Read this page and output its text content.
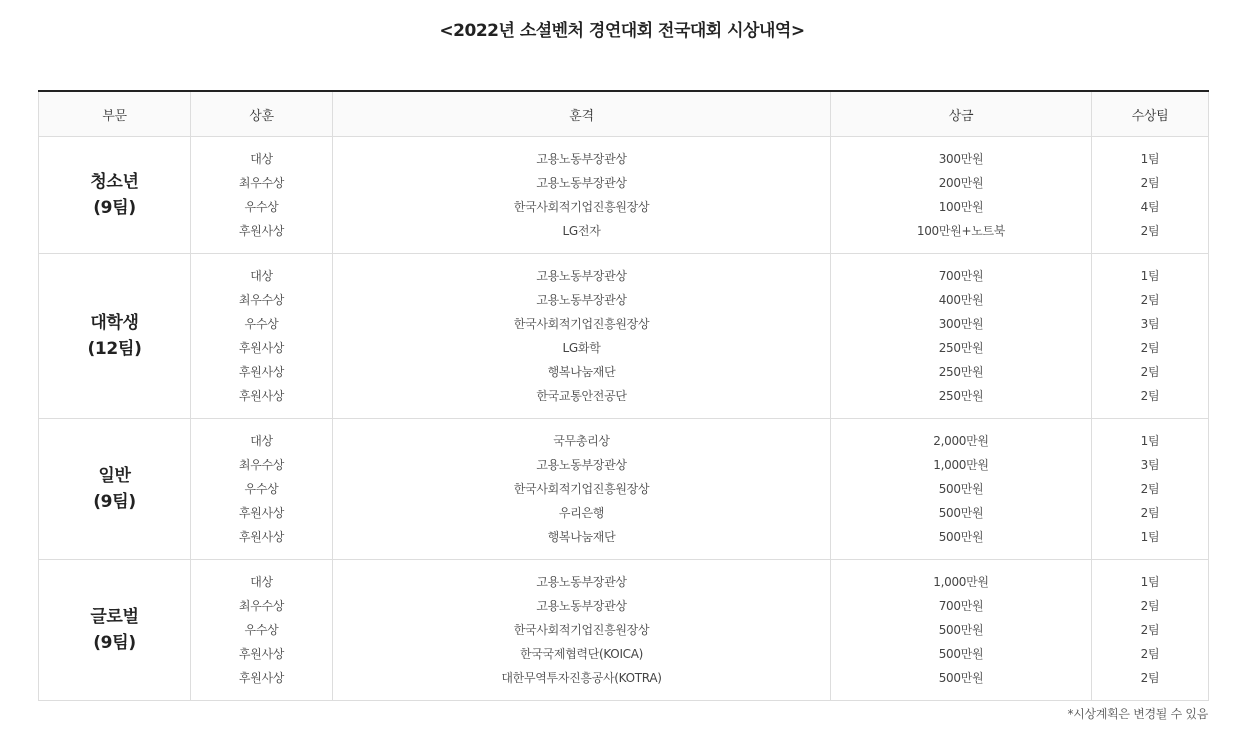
<2022년 소셜벤처 경연대회 전국대회 시상내역>
부문	상훈	훈격	상금	수상팀

청소년
(9팀)	대상	고용노동부장관상	300만원	1팀
	최우수상	고용노동부장관상	200만원	2팀
	우수상	한국사회적기업진흥원장상	100만원	4팀
	후원사상	LG전자	100만원+노트북	2팀

대학생
(12팀)	대상	고용노동부장관상	700만원	1팀
	최우수상	고용노동부장관상	400만원	2팀
	우수상	한국사회적기업진흥원장상	300만원	3팀
	후원사상	LG화학	250만원	2팀
	후원사상	행복나눔재단	250만원	2팀
	후원사상	한국교통안전공단	250만원	2팀

일반
(9팀)	대상	국무총리상	2,000만원	1팀
	최우수상	고용노동부장관상	1,000만원	3팀
	우수상	한국사회적기업진흥원장상	500만원	2팀
	후원사상	우리은행	500만원	2팀
	후원사상	행복나눔재단	500만원	1팀

글로벌
(9팀)	대상	고용노동부장관상	1,000만원	1팀
	최우수상	고용노동부장관상	700만원	2팀
	우수상	한국사회적기업진흥원장상	500만원	2팀
	후원사상	한국국제협력단(KOICA)	500만원	2팀
	후원사상	대한무역투자진흥공사(KOTRA)	500만원	2팀
*시상계획은 변경될 수 있음
